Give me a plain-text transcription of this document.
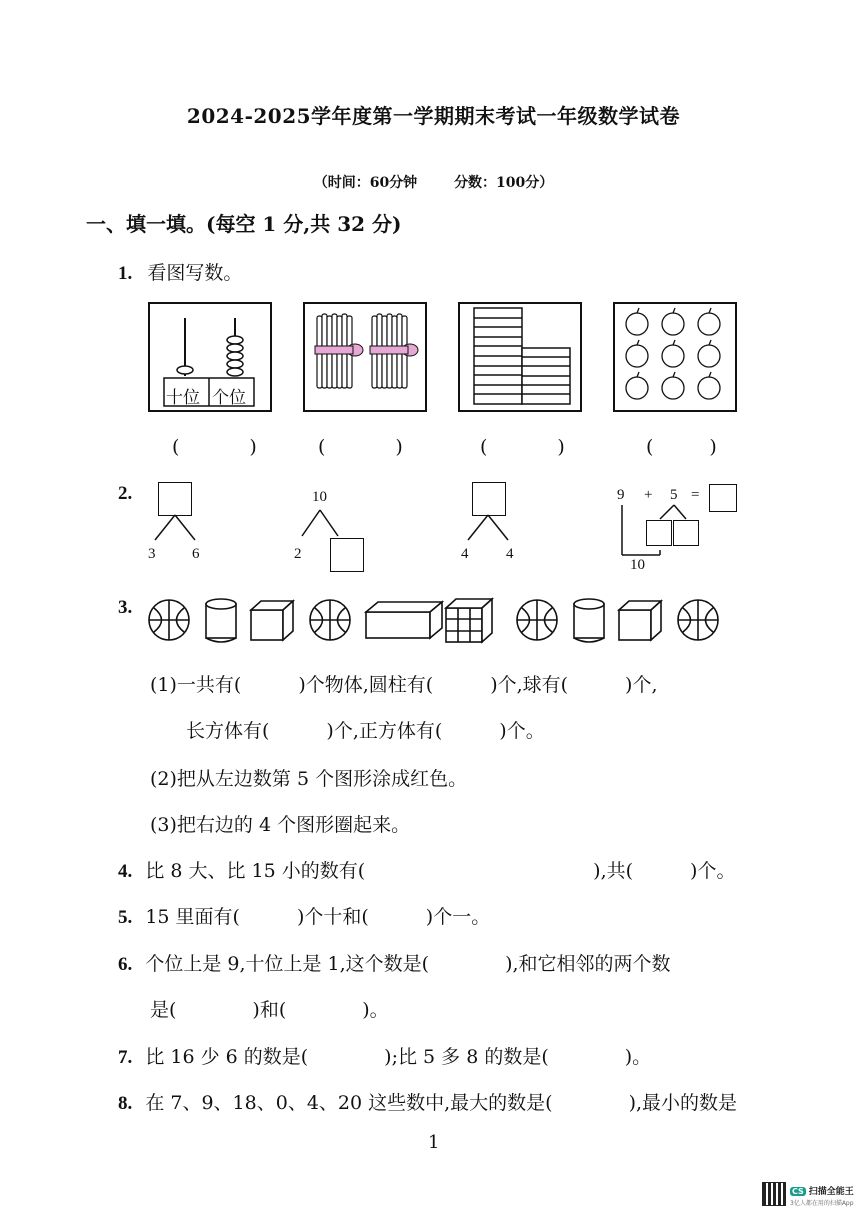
2024-2025学年度第一学期期末考试一年级数学试卷
（时间：60分钟	分数：100分）
一、填一填。(每空 1 分,共 32 分)
1. 看图写数。
十位 个位
(	)	(	)	(	)	(	)
2.
3 6
10
2	4	4
9 + 5 =
10
3.
(1)一共有(　　　)个物体,圆柱有(　　　)个,球有(　　　)个,
长方体有(　　　)个,正方体有(　　　)个。
(2)把从左边数第 5 个图形涂成红色。
(3)把右边的 4 个图形圈起来。
4. 比 8 大、比 15 小的数有(　　　　　　　　　　　　),共(　　　)个。
5. 15 里面有(　　　)个十和(　　　)个一。
6. 个位上是 9,十位上是 1,这个数是(　　　　),和它相邻的两个数
是(　　　　)和(　　　　)。
7. 比 16 少 6 的数是(　　　　);比 5 多 8 的数是(　　　　)。
8. 在 7、9、18、0、4、20 这些数中,最大的数是(　　　　),最小的数是
1
CS 扫描全能王
3亿人都在用的扫描App
